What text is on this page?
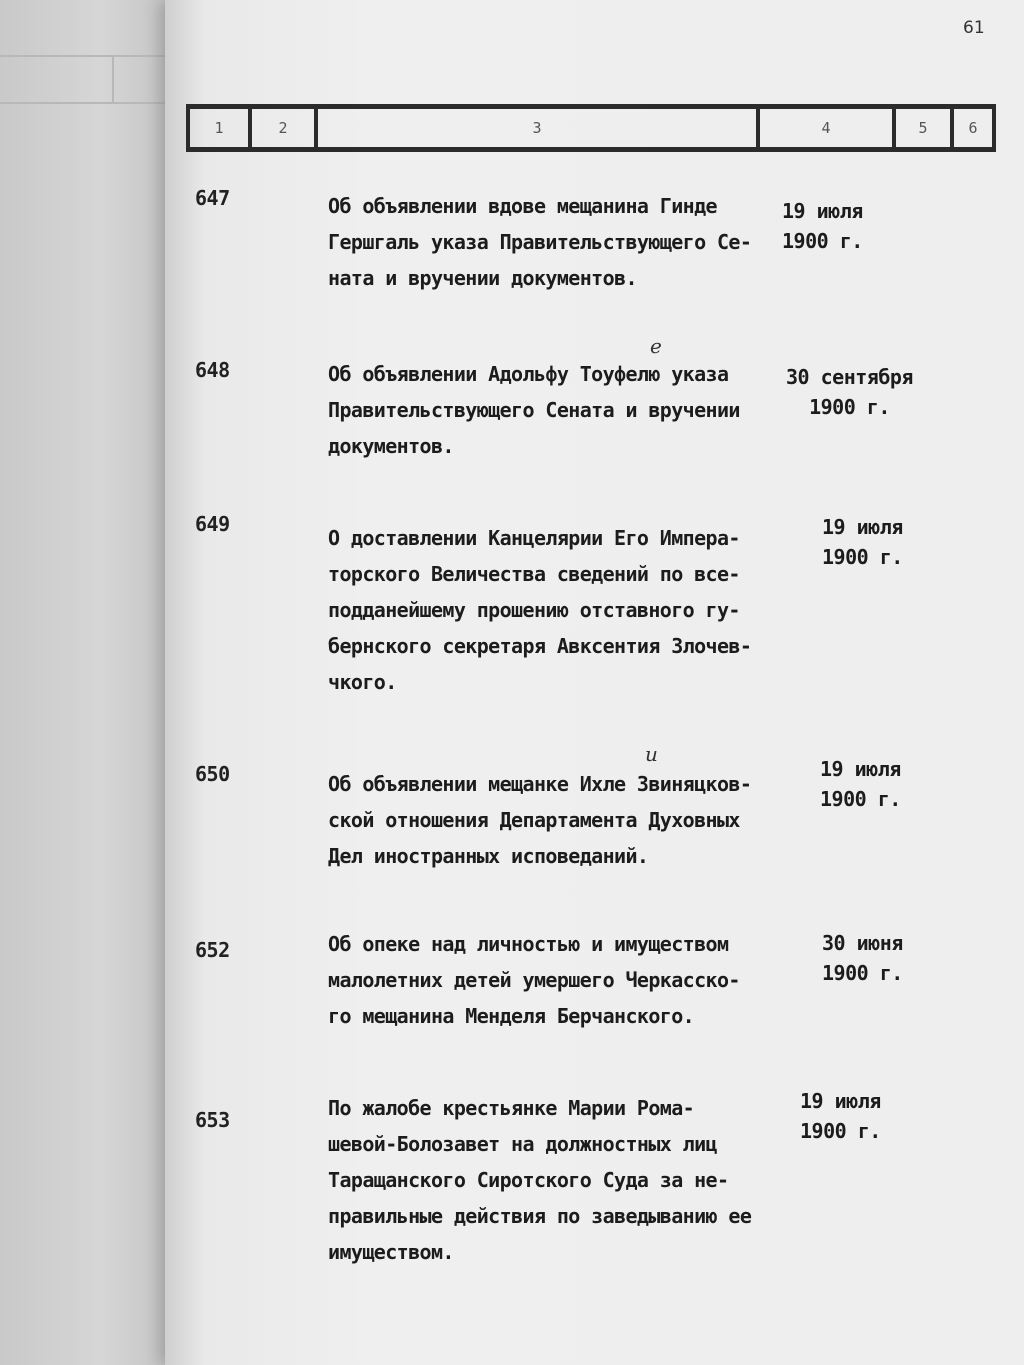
61
1	2	3	4	5	6
647	Об объявлении вдове мещанина Гинде
Гершгаль указа Правительствующего Се-
ната и вручении документов.
19 июля
1900 г.
е
648	Об объявлении Адольфу Тоуфелю указа
Правительствующего Сената и вручении
документов.
30 сентября
1900 г.
649
О доставлении Канцелярии Его Импера-
торского Величества сведений по все-
подданейшему прошению отставного гу-
бернского секретаря Авксентия Злочев-
чкого.
19 июля
1900 г.
и
650	Об объявлении мещанке Ихле Звиняцков-
ской отношения Департамента Духовных
Дел иностранных исповеданий.
19 июля
1900 г.
652	Об опеке над личностью и имуществом
малолетних детей умершего Черкасско-
го мещанина Менделя Берчанского.
30 июня
1900 г.
653	По жалобе крестьянке Марии Рома-
шевой-Болозавет на должностных лиц
Таращанского Сиротского Суда за не-
правильные действия по заведыванию ее
имуществом.
19 июля
1900 г.
